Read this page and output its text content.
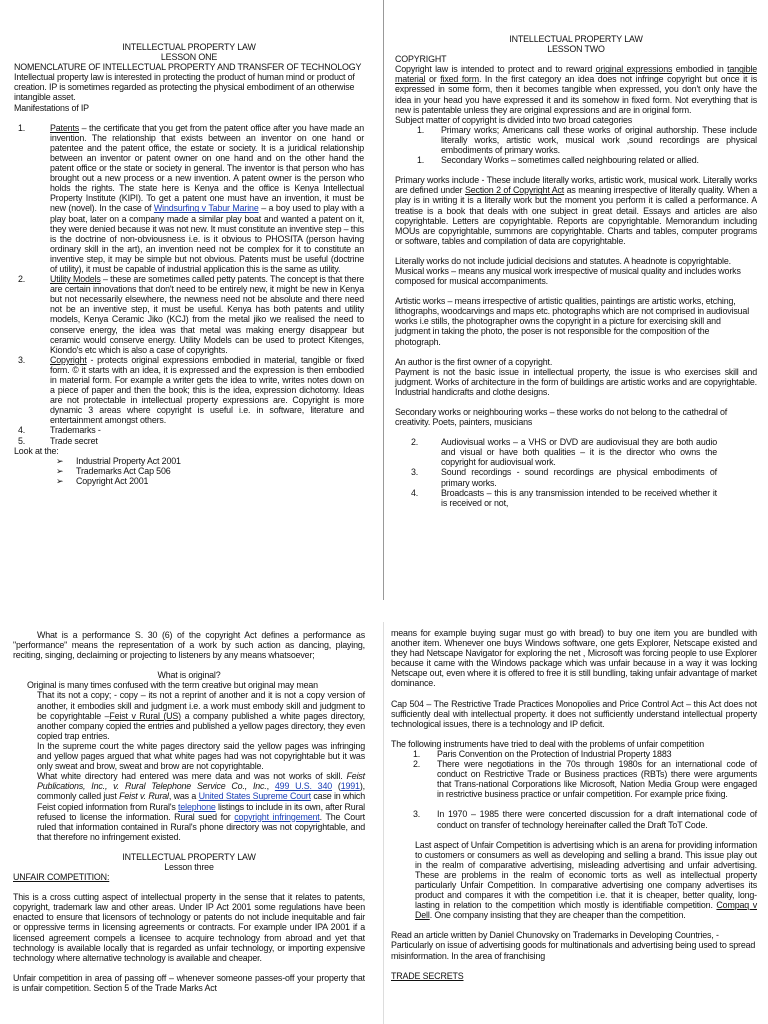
INTELLECTUAL PROPERTY LAW

LESSON ONE

NOMENCLATURE OF INTELLECTUAL PROPERTY AND TRANSFER OF TECHNOLOGY

Intellectual property law is interested in protecting the product of human mind or product of creation. IP is sometimes regarded as protecting the physical embodiment of an otherwise intangible asset.

Manifestations of IP

1.	Patents – the certificate that you get from the patent office after you have made an invention. The relationship that exists between an inventor on one hand or patentee and the patent office, the estate or society. It is a juridical relationship between an inventor or patent owner on one hand and on the other hand the patent office or the state or society in general. The inventor is that person who has brought out a new process or a new invention. A patent owner is the person who holds the rights. The state here is Kenya and the office is Kenya Intellectual Property Institute (KIPI). To get a patent one must have an invention, it must be new (novel). In the case of Windsurfing v Tabur Marine – a boy used to play with a play boat, later on a company made a similar play boat and wanted a patent on it, they were denied because it was not new. It must constitute an inventive step – this is the doctrine of non-obviousness i.e. is it obvious to PHOSITA (person having ordinary skill in the art), an invention need not be complex for it to constitute an inventive step, it may be simple but not obvious. Patents must be useful (doctrine of utility), it must be capable of industrial application this is the same as utility.
2.	Utility Models – these are sometimes called petty patents. The concept is that there are certain innovations that don't need to be entirely new, it might be new in Kenya but not necessarily elsewhere, the newness need not be absolute and there need not be an inventive step, it must be useful. Kenya has both patents and utility models, Kenya Ceramic Jiko (KCJ) from the metal jiko we realised the need to conserve energy, the idea was that metal was making energy disappear but ceramic would conserve energy. Utility Models can be used to protect Kitenges, Kiondo's etc which is also a case of copyrights.
3.	Copyright - protects original expressions embodied in material, tangible or fixed form. © it starts with an idea, it is expressed and the expression is then embodied in material form. For example a writer gets the idea to write, writes notes down on a piece of paper and then the book; this is the idea, expression dichotomy. Ideas are not protectable in intellectual property expressions are. Copyright is more dynamic 3 areas where copyright is useful i.e. in software, literature and entertainment amongst others.
4.	Trademarks -
5.	Trade secret

Look at the:

➢	Industrial Property Act 2001
➢	Trademarks Act Cap 506
➢	Copyright Act 2001

INTELLECTUAL PROPERTY LAW

LESSON TWO

COPYRIGHT

Copyright law is intended to protect and to reward original expressions embodied in tangible material or fixed form. In the first category an idea does not infringe copyright but once it is expressed in some form, then it becomes tangible when expressed, you don't only have the idea in your head you have expressed it and its somehow in fixed form. Not everything that is new is patentable unless they are original expressions and are in original form.

Subject matter of copyright is divided into two broad categories

1.	Primary works; Americans call these works of original authorship. These include literally works, artistic work, musical work ,sound recordings are physical embodiments of primary works.
1.	Secondary Works – sometimes called neighbouring related or allied.

Primary works include - These include literally works, artistic work, musical work. Literally works are defined under Section 2 of Copyright Act as meaning irrespective of literally quality. When a play is in writing it is a literally work but the moment you perform it is called a performance. A treatise is a book that deals with one subject in great detail. Essays and articles are also copyrightable. Letters are copyrightable. Reports are copyrightable. Memorandum including MOUs are copyrightable, summons are copyrightable. Charts and tables, computer programs or software, tables and compilation of data are copyrightable.

Literally works do not include judicial decisions and statutes. A headnote is copyrightable. Musical works – means any musical work irrespective of musical quality and includes works composed for musical accompaniments.

Artistic works – means irrespective of artistic qualities, paintings are artistic works, etching, lithographs, woodcarvings and maps etc. photographs which are not comprised in audiovisual works i.e stills, the photographer owns the copyright in a picture for exercising skill and judgment in taking the photo, the poser is not responsible for the composition of the photograph.

An author is the first owner of a copyright.

Payment is not the basic issue in intellectual property, the issue is who exercises skill and judgment. Works of architecture in the form of buildings are artistic works and are copyrightable. Industrial handicrafts and clothe designs.

Secondary works or neighbouring works – these works do not belong to the cathedral of creativity. Poets, painters, musicians

2.	Audiovisual works – a VHS or DVD are audiovisual they are both audio and visual or have both qualities – it is the director who owns the copyright for audiovisual work.
3.	Sound recordings - sound recordings are physical embodiments of primary works.
4.	Broadcasts – this is any transmission intended to be received whether it is received or not,

What is a performance S. 30 (6) of the copyright Act defines a performance as "performance" means the representation of a work by such action as dancing, playing, reciting, singing, declaiming or projecting to listeners by any means whatsoever;

What is original?

Original is many times confused with the term creative but original may mean

That its not a copy; - copy – its not a reprint of another and it is not a copy version of another, it embodies skill and judgment i.e. a work must embody skill and judgment to be copyrightable –Feist v Rural (US) a company published a white pages directory, another company copied the entries and published a yellow pages directory, they even copied trap entries.

In the supreme court the white pages directory said the yellow pages was infringing and yellow pages argued that what white pages had was not copyrightable but it was only sweat and brow, sweat and brow are not copyrightable.

What white directory had entered was mere data and was not works of skill. Feist Publications, Inc., v. Rural Telephone Service Co., Inc., 499 U.S. 340 (1991), commonly called just Feist v. Rural, was a United States Supreme Court case in which Feist copied information from Rural's telephone listings to include in its own, after Rural refused to license the information. Rural sued for copyright infringement. The Court ruled that information contained in Rural's phone directory was not copyrightable, and that therefore no infringement existed.

INTELLECTUAL PROPERTY LAW

Lesson three

UNFAIR COMPETITION:

This is a cross cutting aspect of intellectual property in the sense that it relates to patents, copyright, trademark law and other areas. Under IP Act 2001 some regulations have been enacted to ensure that licensors of technology or patents do not include inequitable and fair or oppressive terms in licensing agreements or contracts. For example under IPA 2001 if a licensed agreement compels a licensee to acquire technology from abroad and yet that technology is available locally that is regarded as unfair technology, or importing expensive technology where alternative technology is available and cheaper.

Unfair competition in area of passing off – whenever someone passes-off your property that is unfair competition. Section 5 of the Trade Marks Act

means for example buying sugar must go with bread) to buy one item you are bundled with another item. Whenever one buys Windows software, one gets Explorer, Netscape existed and they had Netscape Navigator for exploring the net , Microsoft was forcing people to use Explorer because it came with the Windows package which was unfair because in a way it was locking Netscape out, even where it is offered to free it is still bundling, taking unfair advantage of market dominance.

Cap 504 – The Restrictive Trade Practices Monopolies and Price Control Act – this Act does not sufficiently deal with intellectual property. it does not sufficiently understand intellectual property technological issues, there is a technology and IP deficit.

The following instruments have tried to deal with the problems of unfair competition

1.	Paris Convention on the Protection of Industrial Property 1883
2.	There were negotiations in the 70s through 1980s for an international code of conduct on Restrictive Trade or Business practices (RBTs) there were arguments that Trans-national Corporations like Microsoft, Nation Media Group were engaged in restrictive business practice or unfair competition. For example price fixing.
3.	In 1970 – 1985 there were concerted discussion for a draft international code of conduct on transfer of technology hereinafter called the Draft ToT Code.

Last aspect of Unfair Competition is advertising which is an arena for providing information to customers or consumers as well as developing and selling a brand. This issue play out in the realm of comparative advertising, misleading advertising and unfair advertising. These are problems in the realm of economic torts as well as intellectual property particularly Unfair Competition. In comparative advertising one company advertises its product and compares it with the competition i.e. that it is cheaper, better quality, long-lasting in relation to the competition which mostly is identifiable competition. Compaq v Dell. One company insisting that they are cheaper than the competition.

Read an article written by Daniel Chunovsky on Trademarks in Developing Countries, - Particularly on issue of advertising goods for multinationals and advertising being used to spread misinformation. In the area of franchising

TRADE SECRETS
